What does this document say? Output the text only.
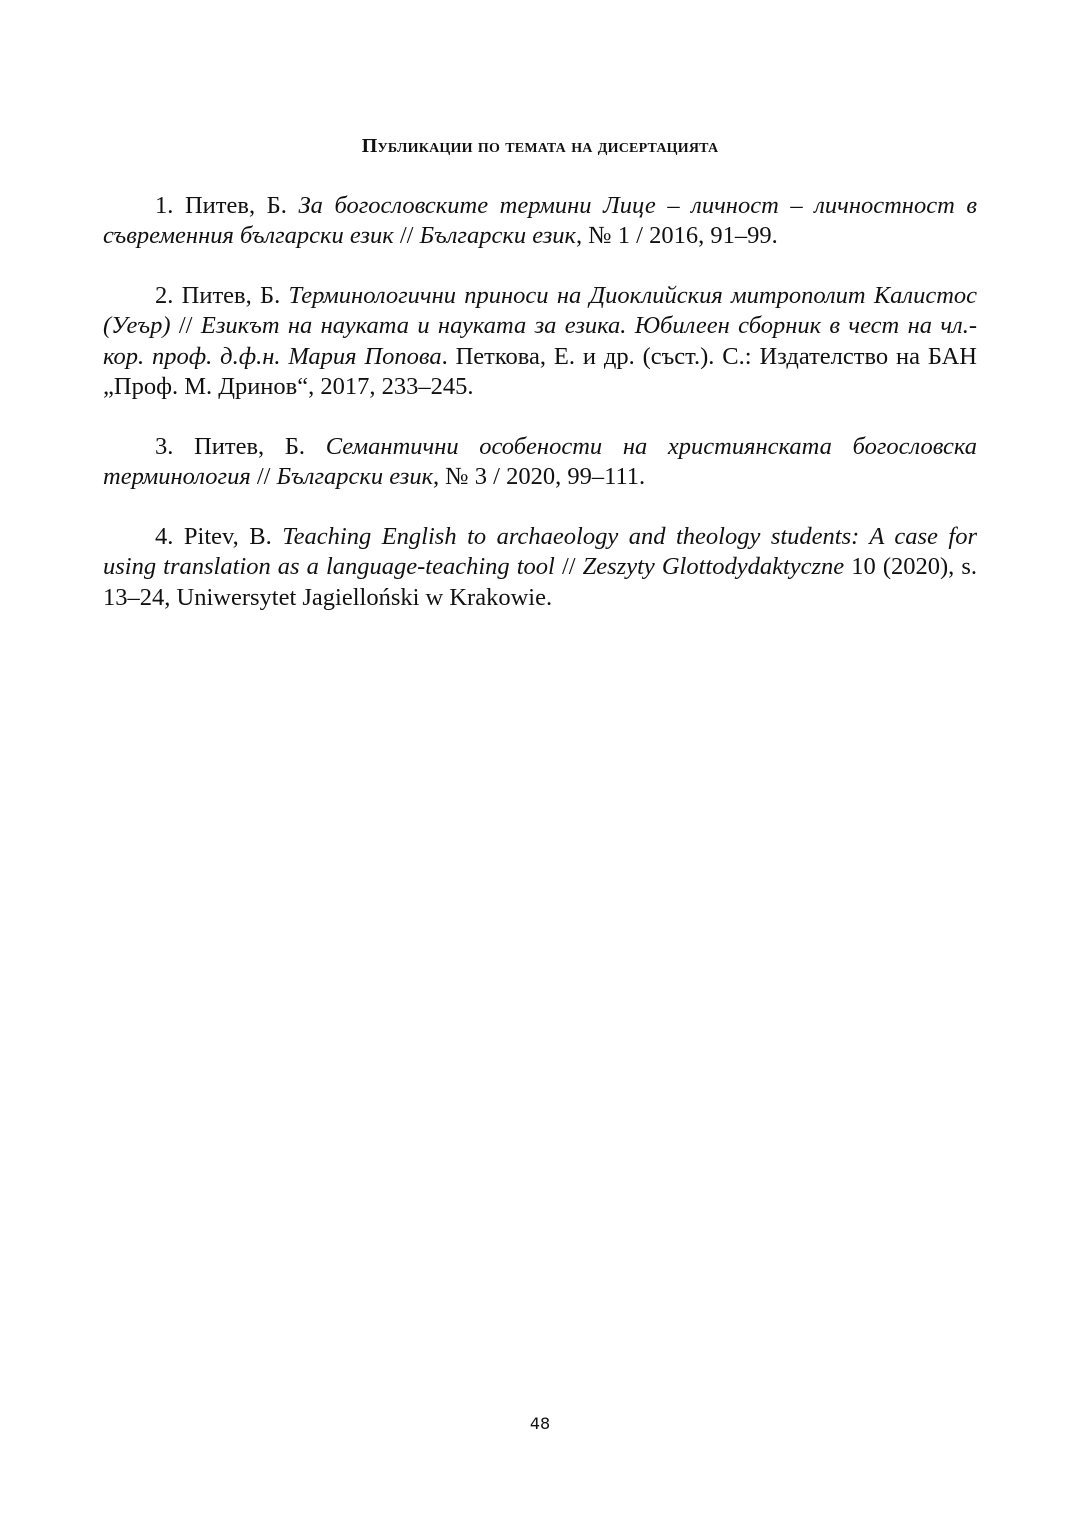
Публикации по темата на дисертацията
1. Питев, Б. За богословските термини Лице – личност – личностност в съвременния български език // Български език, № 1 / 2016, 91–99.
2. Питев, Б. Терминологични приноси на Диоклийския митрополит Калистос (Уеър) // Езикът на науката и науката за езика. Юбилеен сборник в чест на чл.-кор. проф. д.ф.н. Мария Попова. Петкова, Е. и др. (съст.). С.: Издателство на БАН „Проф. М. Дринов“, 2017, 233–245.
3. Питев, Б. Семантични особености на християнската богословска терминология // Български език, № 3 / 2020, 99–111.
4. Pitev, B. Teaching English to archaeology and theology students: A case for using translation as a language-teaching tool // Zeszyty Glottodydaktyczne 10 (2020), s. 13–24, Uniwersytet Jagielloński w Krakowie.
48
